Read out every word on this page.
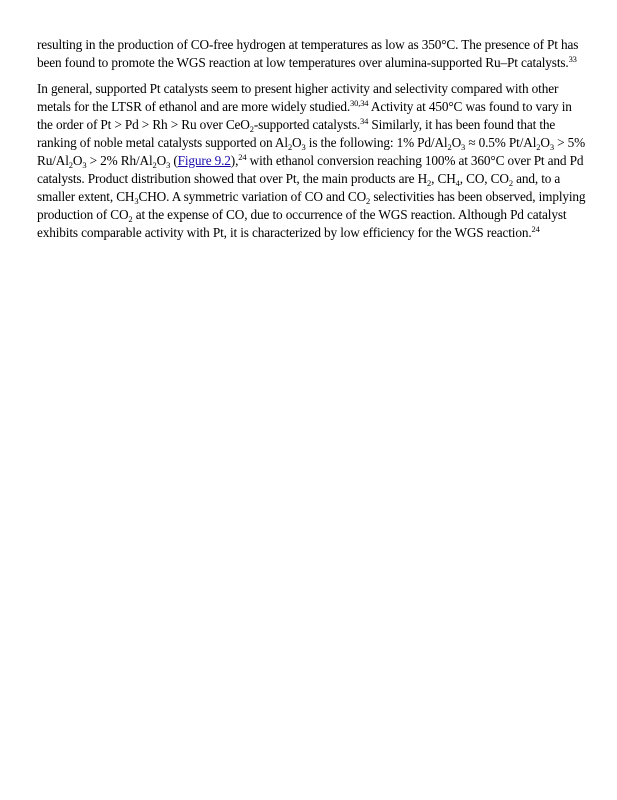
resulting in the production of CO-free hydrogen at temperatures as low as 350°C. The presence of Pt has been found to promote the WGS reaction at low temperatures over alumina-supported Ru–Pt catalysts.$^{33}$

In general, supported Pt catalysts seem to present higher activity and selectivity compared with other metals for the LTSR of ethanol and are more widely studied.$^{30,34}$ Activity at 450°C was found to vary in the order of Pt > Pd > Rh > Ru over CeO$_2$-supported catalysts.$^{34}$ Similarly, it has been found that the ranking of noble metal catalysts supported on $Al_2O_3$ is the following: 1% $Pd/Al_2O_3 \approx 0.5\%$ $Pt/Al_2O_3 > 5\%$ $Ru/Al_2O_3 > 2\%$ $Rh/Al_2O_3$ (Figure 9.2),$^{24}$ with ethanol conversion reaching 100% at 360°C over Pt and Pd catalysts. Product distribution showed that over Pt, the main products are $H_2$, $CH_4$, CO, $CO_2$ and, to a smaller extent, $CH_3CHO$. A symmetric variation of CO and $CO_2$ selectivities has been observed, implying production of $CO_2$ at the expense of CO, due to occurrence of the WGS reaction. Although Pd catalyst exhibits comparable activity with Pt, it is characterized by low efficiency for the WGS reaction.$^{24}$
